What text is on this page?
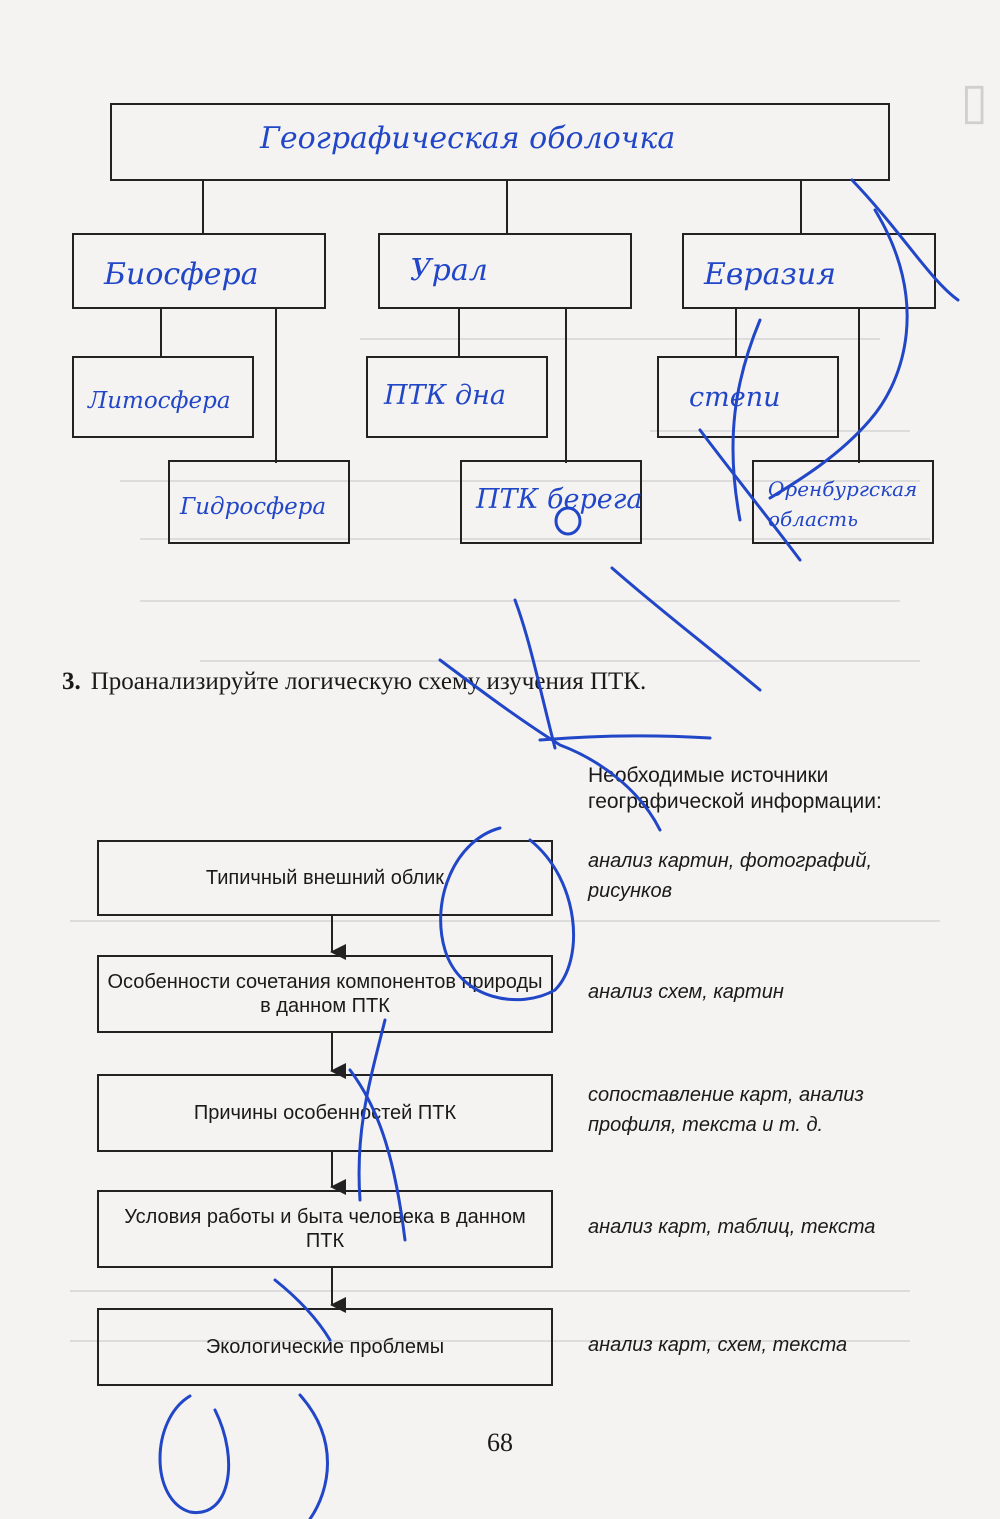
▯
Географическая оболочка
Биосфера	Урал	Евразия
Литосфера	ПТК дна	степи
Гидросфера	ПТК берега	Оренбургская область
3. Проанализируйте логическую схему изучения ПТК.
Необходимые источники географической информации:
Типичный внешний облик
Особенности сочетания компонентов природы в данном ПТК
Причины особенностей ПТК
Условия работы и быта человека в данном ПТК
Экологические проблемы
анализ картин, фотографий, рисунков
анализ схем, картин
сопоставление карт, анализ профиля, текста и т. д.
анализ карт, таблиц, текста
анализ карт, схем, текста
68
